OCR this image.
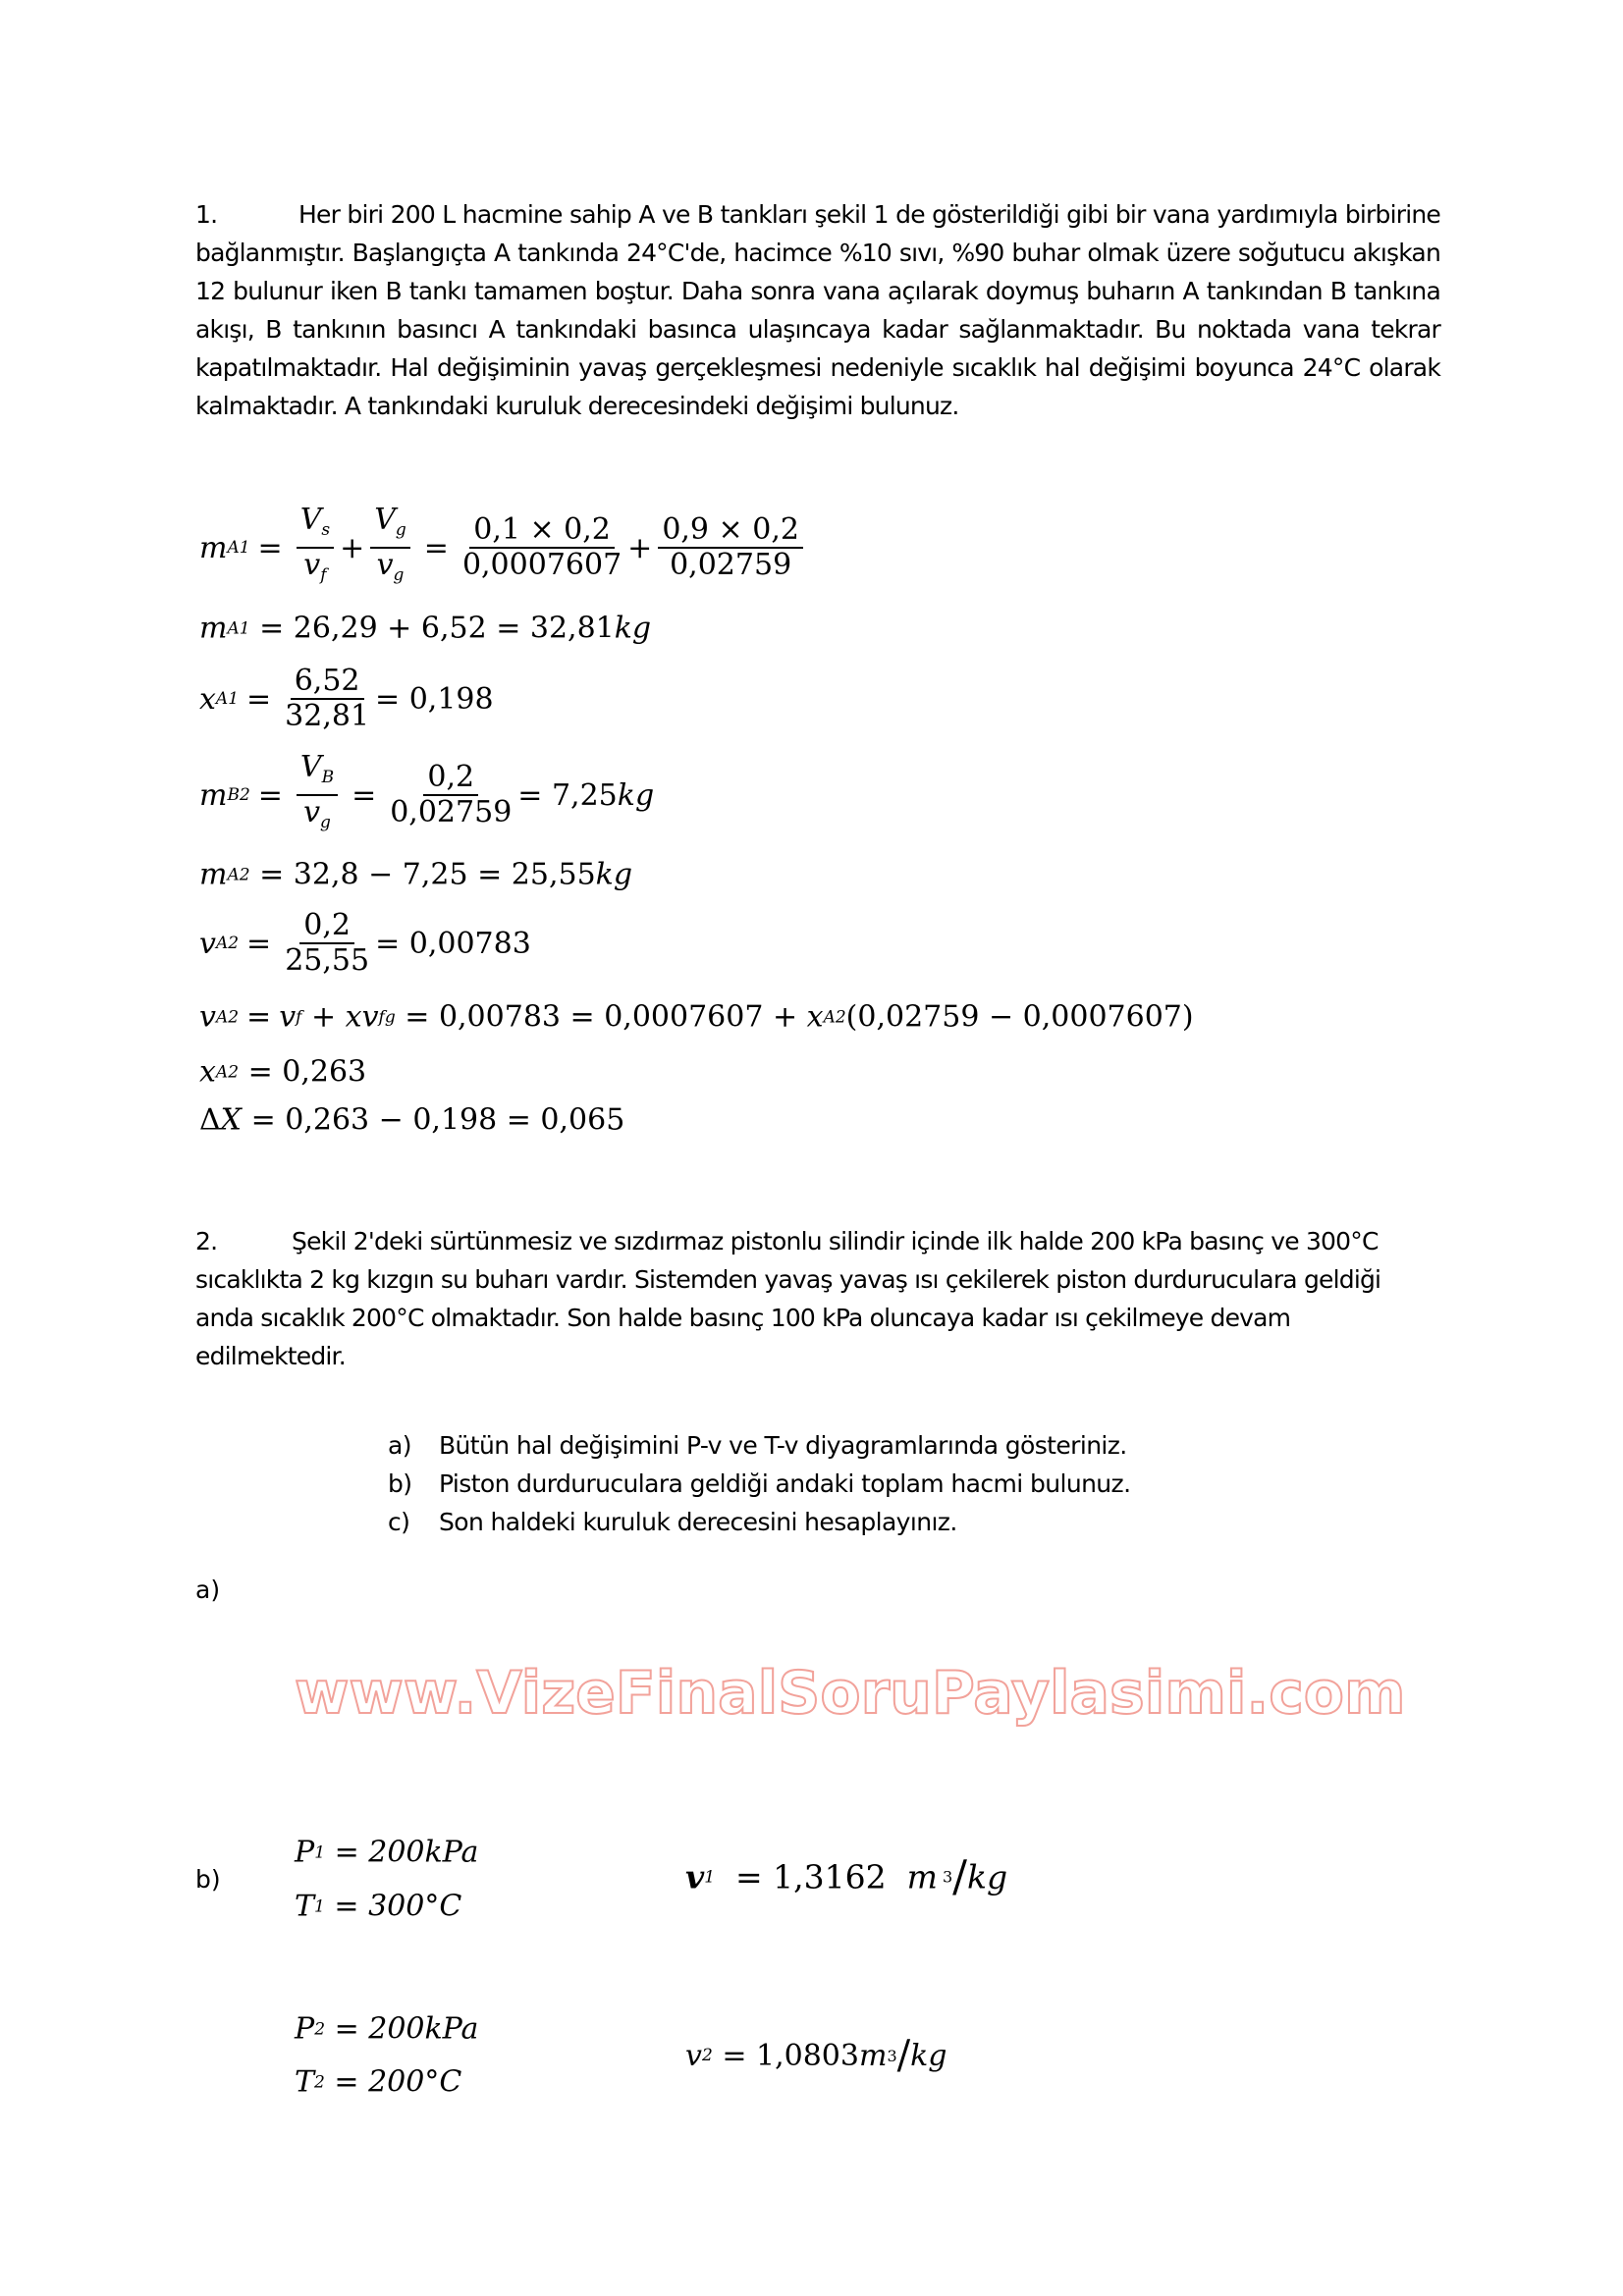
1.	Her biri 200 L hacmine sahip A ve B tankları şekil 1 de gösterildiği gibi bir vana yardımıyla birbirine bağlanmıştır. Başlangıçta A tankında 24°C'de, hacimce %10 sıvı, %90 buhar olmak üzere soğutucu akışkan 12 bulunur iken B tankı tamamen boştur. Daha sonra vana açılarak doymuş buharın A tankından B tankına akışı, B tankının basıncı A tankındaki basınca ulaşıncaya kadar sağlanmaktadır. Bu noktada vana tekrar kapatılmaktadır. Hal değişiminin yavaş gerçekleşmesi nedeniyle sıcaklık hal değişimi boyunca 24°C olarak kalmaktadır. A tankındaki kuruluk derecesindeki değişimi bulunuz.
m $A1 = \frac{V_s}{v_f} + \frac{V_g}{v_g} = \frac{0,1 \times 0,2}{0,0007607} + \frac{0,9 \times 0,2}{0,02759}$
m A1
= 26,29 + 6,52 = 32,81 kg
x $A1 = \frac{6,52}{32,81} = 0,198$
m $B2 = \frac{V_B}{v_g} = \frac{0,2}{0,02759} = 7,25$ kg
m A2
= 32,8 − 7,25 = 25,55 kg
v $A2 = \frac{0,2}{25,55} = 0,00783$
v A2 = v f + xv fg
= 0,00783 = 0,0007607 +
x A2 (0,02759 − 0,0007607)
x A2
= 0,263
Δ X
= 0,263 − 0,198 = 0,065
2.	Şekil 2'deki sürtünmesiz ve sızdırmaz pistonlu silindir içinde ilk halde 200 kPa basınç ve 300°C sıcaklıkta 2 kg kızgın su buharı vardır. Sistemden yavaş yavaş ısı çekilerek piston durduruculara geldiği anda sıcaklık 200°C olmaktadır. Son halde basınç 100 kPa oluncaya kadar ısı çekilmeye devam edilmektedir.
a) Bütün hal değişimini P-v ve T-v diyagramlarında gösteriniz.
b) Piston durduruculara geldiği andaki toplam hacmi bulunuz.
c) Son haldeki kuruluk derecesini hesaplayınız.
a)
www.VizeFinalSoruPaylasimi.com
b)
P 1
= 200kPa
T 1
= 300°C
v 1
= 1,3162
m 3 / kg
P 2
= 200kPa
T 2
= 200°C
v 2
= 1,0803 m 3 / kg
